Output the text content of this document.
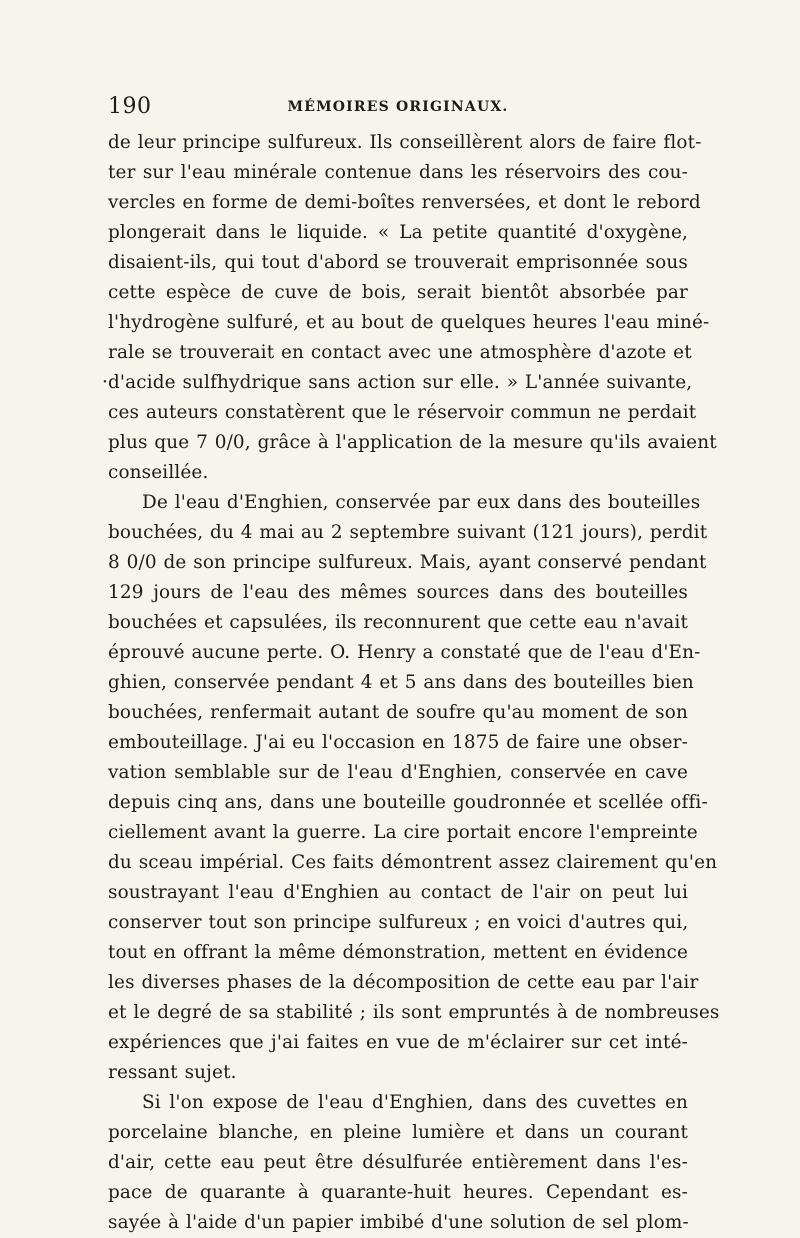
190	MÉMOIRES ORIGINAUX.
de leur principe sulfureux. Ils conseillèrent alors de faire flot-
ter sur l'eau minérale contenue dans les réservoirs des cou-
vercles en forme de demi-boîtes renversées, et dont le rebord
plongerait dans le liquide. « La petite quantité d'oxygène,
disaient-ils, qui tout d'abord se trouverait emprisonnée sous
cette espèce de cuve de bois, serait bientôt absorbée par
l'hydrogène sulfuré, et au bout de quelques heures l'eau miné-
rale se trouverait en contact avec une atmosphère d'azote et
·d'acide sulfhydrique sans action sur elle. » L'année suivante,
ces auteurs constatèrent que le réservoir commun ne perdait
plus que 7 0/0, grâce à l'application de la mesure qu'ils avaient
conseillée.
De l'eau d'Enghien, conservée par eux dans des bouteilles
bouchées, du 4 mai au 2 septembre suivant (121 jours), perdit
8 0/0 de son principe sulfureux. Mais, ayant conservé pendant
129 jours de l'eau des mêmes sources dans des bouteilles
bouchées et capsulées, ils reconnurent que cette eau n'avait
éprouvé aucune perte. O. Henry a constaté que de l'eau d'En-
ghien, conservée pendant 4 et 5 ans dans des bouteilles bien
bouchées, renfermait autant de soufre qu'au moment de son
embouteillage. J'ai eu l'occasion en 1875 de faire une obser-
vation semblable sur de l'eau d'Enghien, conservée en cave
depuis cinq ans, dans une bouteille goudronnée et scellée offi-
ciellement avant la guerre. La cire portait encore l'empreinte
du sceau impérial. Ces faits démontrent assez clairement qu'en
soustrayant l'eau d'Enghien au contact de l'air on peut lui
conserver tout son principe sulfureux ; en voici d'autres qui,
tout en offrant la même démonstration, mettent en évidence
les diverses phases de la décomposition de cette eau par l'air
et le degré de sa stabilité ; ils sont empruntés à de nombreuses
expériences que j'ai faites en vue de m'éclairer sur cet inté-
ressant sujet.
Si l'on expose de l'eau d'Enghien, dans des cuvettes en
porcelaine blanche, en pleine lumière et dans un courant
d'air, cette eau peut être désulfurée entièrement dans l'es-
pace de quarante à quarante-huit heures. Cependant es-
sayée à l'aide d'un papier imbibé d'une solution de sel plom-
